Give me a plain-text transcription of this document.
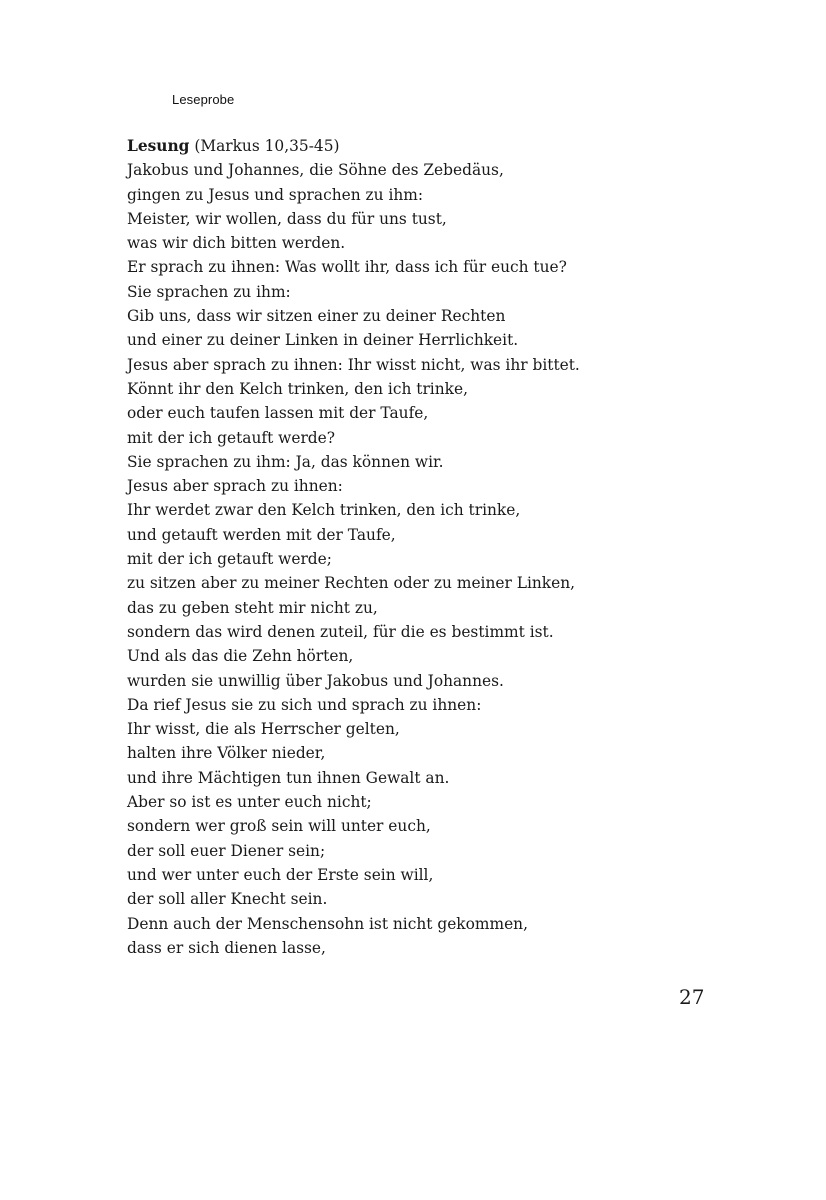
Leseprobe
Lesung (Markus 10,35-45)
Jakobus und Johannes, die Söhne des Zebedäus,
gingen zu Jesus und sprachen zu ihm:
Meister, wir wollen, dass du für uns tust,
was wir dich bitten werden.
Er sprach zu ihnen: Was wollt ihr, dass ich für euch tue?
Sie sprachen zu ihm:
Gib uns, dass wir sitzen einer zu deiner Rechten
und einer zu deiner Linken in deiner Herrlichkeit.
Jesus aber sprach zu ihnen: Ihr wisst nicht, was ihr bittet.
Könnt ihr den Kelch trinken, den ich trinke,
oder euch taufen lassen mit der Taufe,
mit der ich getauft werde?
Sie sprachen zu ihm: Ja, das können wir.
Jesus aber sprach zu ihnen:
Ihr werdet zwar den Kelch trinken, den ich trinke,
und getauft werden mit der Taufe,
mit der ich getauft werde;
zu sitzen aber zu meiner Rechten oder zu meiner Linken,
das zu geben steht mir nicht zu,
sondern das wird denen zuteil, für die es bestimmt ist.
Und als das die Zehn hörten,
wurden sie unwillig über Jakobus und Johannes.
Da rief Jesus sie zu sich und sprach zu ihnen:
Ihr wisst, die als Herrscher gelten,
halten ihre Völker nieder,
und ihre Mächtigen tun ihnen Gewalt an.
Aber so ist es unter euch nicht;
sondern wer groß sein will unter euch,
der soll euer Diener sein;
und wer unter euch der Erste sein will,
der soll aller Knecht sein.
Denn auch der Menschensohn ist nicht gekommen,
dass er sich dienen lasse,
27
